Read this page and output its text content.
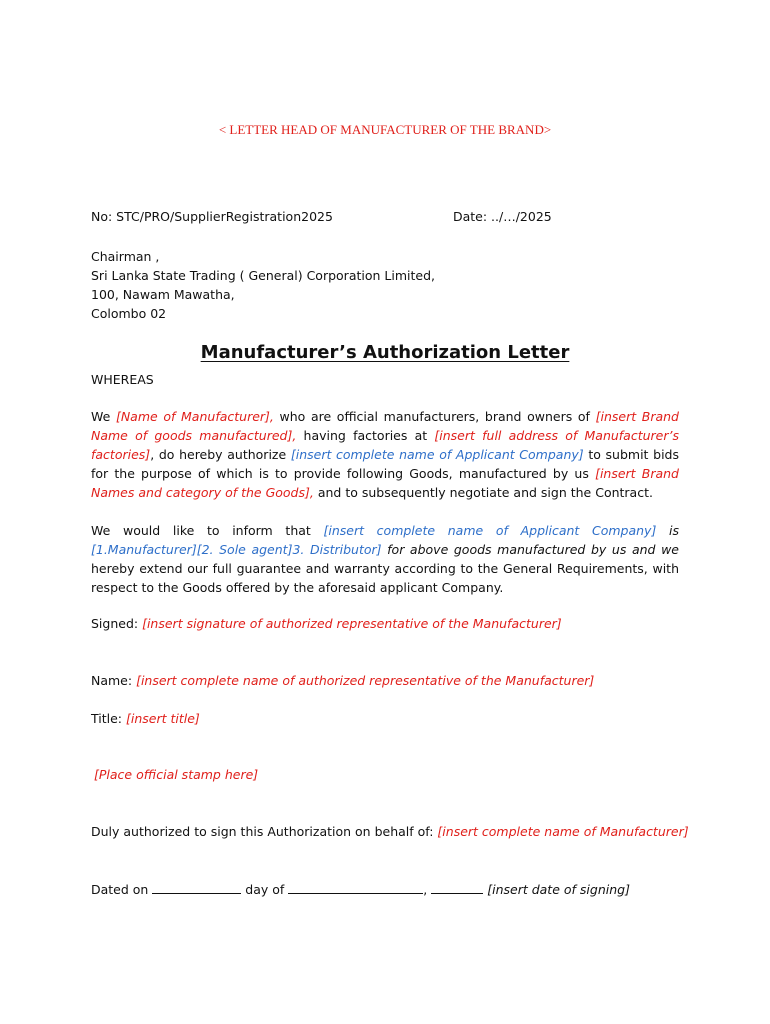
< LETTER HEAD OF MANUFACTURER OF THE BRAND>
No: STC/PRO/SupplierRegistration2025	Date: ../…/2025
Chairman ,
Sri Lanka State Trading ( General) Corporation Limited,
100, Nawam Mawatha,
Colombo 02
Manufacturer’s Authorization Letter
WHEREAS
We [Name of Manufacturer], who are official manufacturers, brand owners of [insert Brand Name of goods manufactured], having factories at [insert full address of Manufacturer’s factories], do hereby authorize [insert complete name of Applicant Company] to submit bids for the purpose of which is to provide following Goods, manufactured by us [insert Brand Names and category of the Goods], and to subsequently negotiate and sign the Contract.
We would like to inform that [insert complete name of Applicant Company] is [1.Manufacturer][2. Sole agent]3. Distributor] for above goods manufactured by us and we hereby extend our full guarantee and warranty according to the General Requirements, with respect to the Goods offered by the aforesaid applicant Company.
Signed: [insert signature of authorized representative of the Manufacturer]
Name: [insert complete name of authorized representative of the Manufacturer]
Title: [insert title]
[Place official stamp here]
Duly authorized to sign this Authorization on behalf of: [insert complete name of Manufacturer]
Dated on	day of	,	[insert date of signing]
